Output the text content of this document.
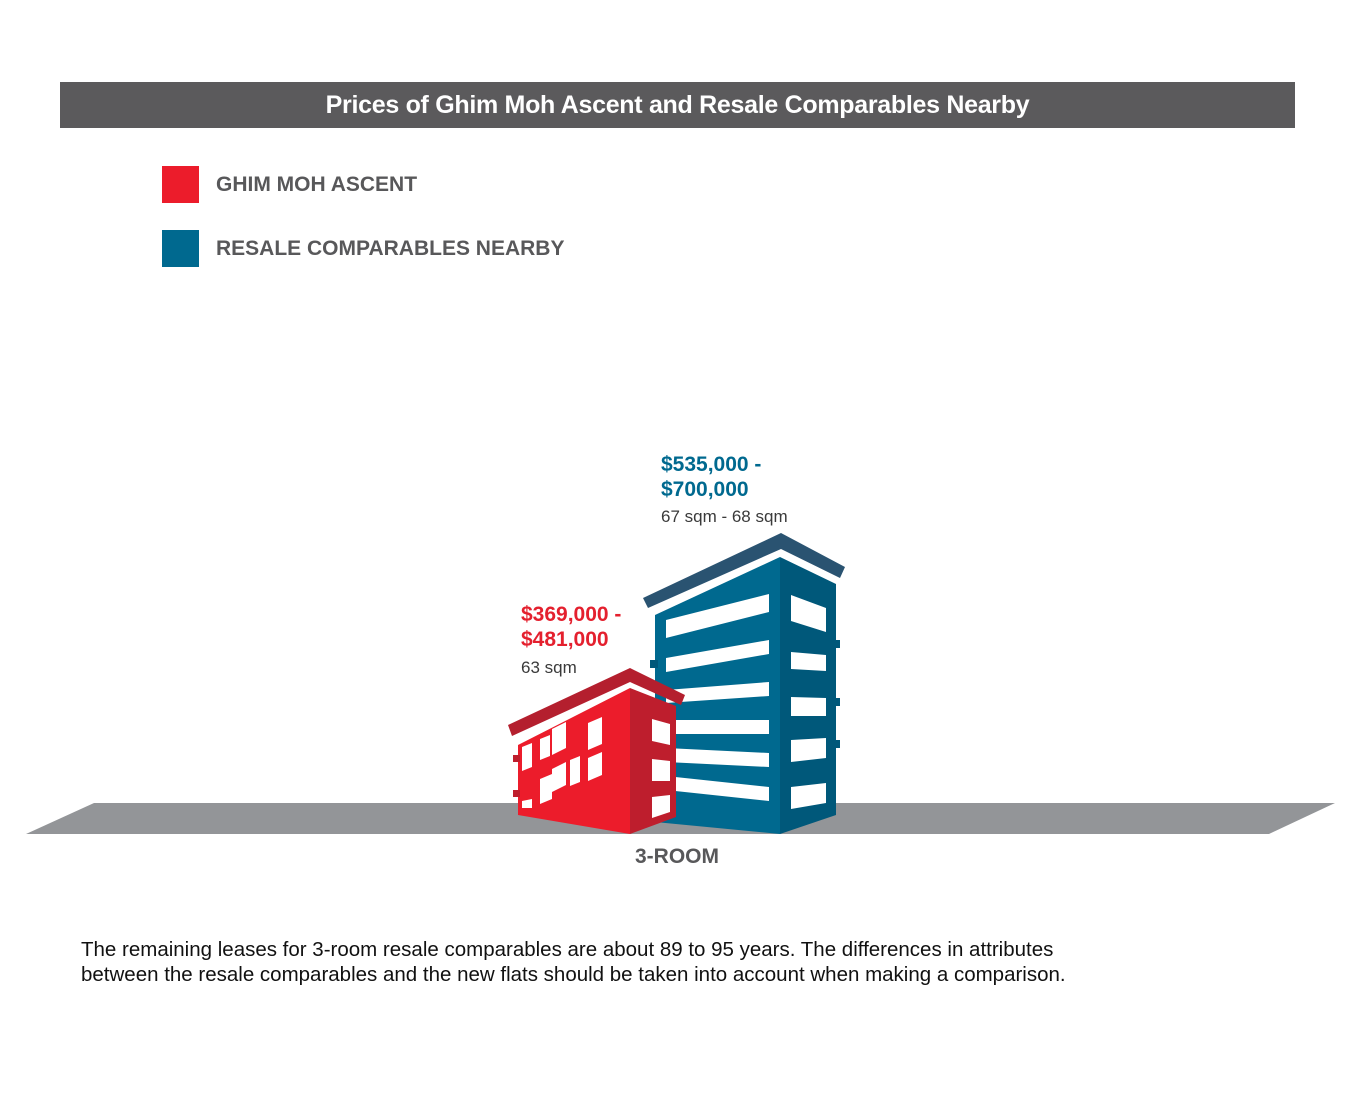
Prices of Ghim Moh Ascent and Resale Comparables Nearby
GHIM MOH ASCENT
RESALE COMPARABLES NEARBY
$535,000 -
$700,000
67 sqm - 68 sqm
$369,000 -
$481,000
63 sqm
3-ROOM

The remaining leases for 3-room resale comparables are about 89 to 95 years. The differences in attributes
between the resale comparables and the new flats should be taken into account when making a comparison.
